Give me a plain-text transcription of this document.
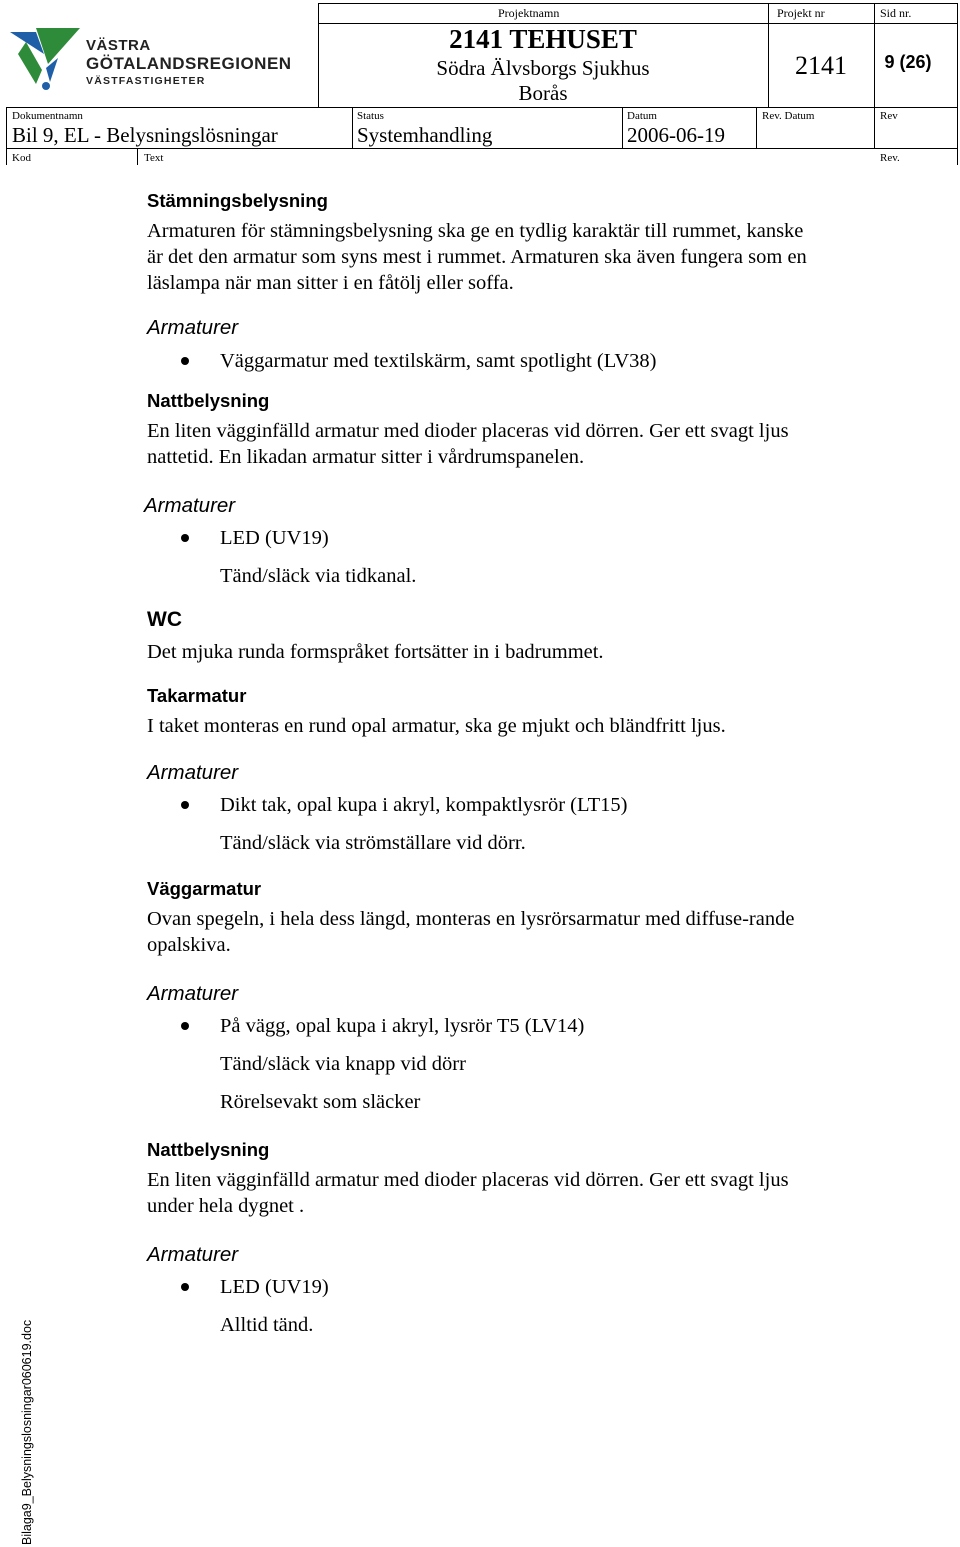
VÄSTRA
GÖTALANDSREGIONEN
VÄSTFASTIGHETER
Projektnamn	Projekt nr	Sid nr.
Dokumentnamn	Status	Datum	Rev. Datum	Rev
Kod	Text	Rev.
2141 TEHUSET
Södra Älvsborgs Sjukhus
Borås
2141	9 (26)
Bil 9, EL - Belysningslösningar	Systemhandling	2006-06-19
Stämningsbelysning

Armaturen för stämningsbelysning ska ge en tydlig karaktär till rummet, kanske är det den armatur som syns mest i rummet. Armaturen ska även fungera som en läslampa när man sitter i en fåtölj eller soffa.

Armaturer
Väggarmatur med textilskärm, samt spotlight (LV38)
Nattbelysning

En liten vägginfälld armatur med dioder placeras vid dörren. Ger ett svagt ljus nattetid. En likadan armatur sitter i vårdrumspanelen.

Armaturer
LED (UV19)
Tänd/släck via tidkanal.
WC

Det mjuka runda formspråket fortsätter in i badrummet.

Takarmatur

I taket monteras en rund opal armatur, ska ge mjukt och bländfritt ljus.

Armaturer
Dikt tak, opal kupa i akryl, kompaktlysrör (LT15)
Tänd/släck via strömställare vid dörr.
Väggarmatur

Ovan spegeln, i hela dess längd, monteras en lysrörsarmatur med diffuse-rande opalskiva.

Armaturer
På vägg, opal kupa i akryl, lysrör T5 (LV14)
Tänd/släck via knapp vid dörr
Rörelsevakt som släcker
Nattbelysning

En liten vägginfälld armatur med dioder placeras vid dörren. Ger ett svagt ljus under hela dygnet .

Armaturer
LED (UV19)
Alltid tänd.
Bilaga9_Belysningslosningar060619.doc
